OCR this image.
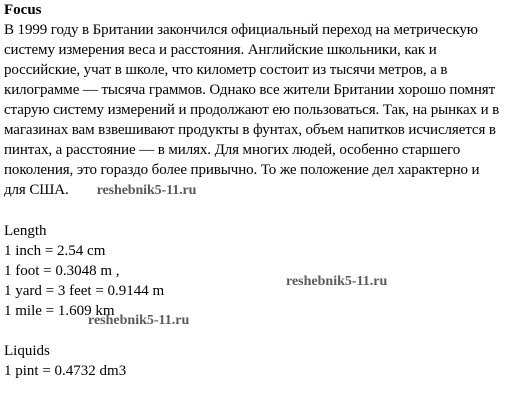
Focus

В 1999 году в Британии закончился официальный переход на метрическую систему измерения веса и расстояния. Английские школьники, как и российские, учат в школе, что километр состоит из тысячи метров, а в килограмме — тысяча граммов. Однако все жители Британии хорошо помнят старую систему измерений и продолжают ею пользоваться. Так, на рынках и в магазинах вам взвешивают продукты в фунтах, объем напитков исчисляется в пинтах, а расстояние — в милях. Для многих людей, особенно старшего поколения, это гораздо более привычно. То же положение дел характерно и для США. reshebnik5-11.ru

Length

1 inch = 2.54 cm

1 foot = 0.3048 m ,

1 yard = 3 feet = 0.9144 m

1 mile = 1.609 km

Liquids

1 pint = 0.4732 dm3

reshebnik5-11.ru
reshebnik5-11.ru
